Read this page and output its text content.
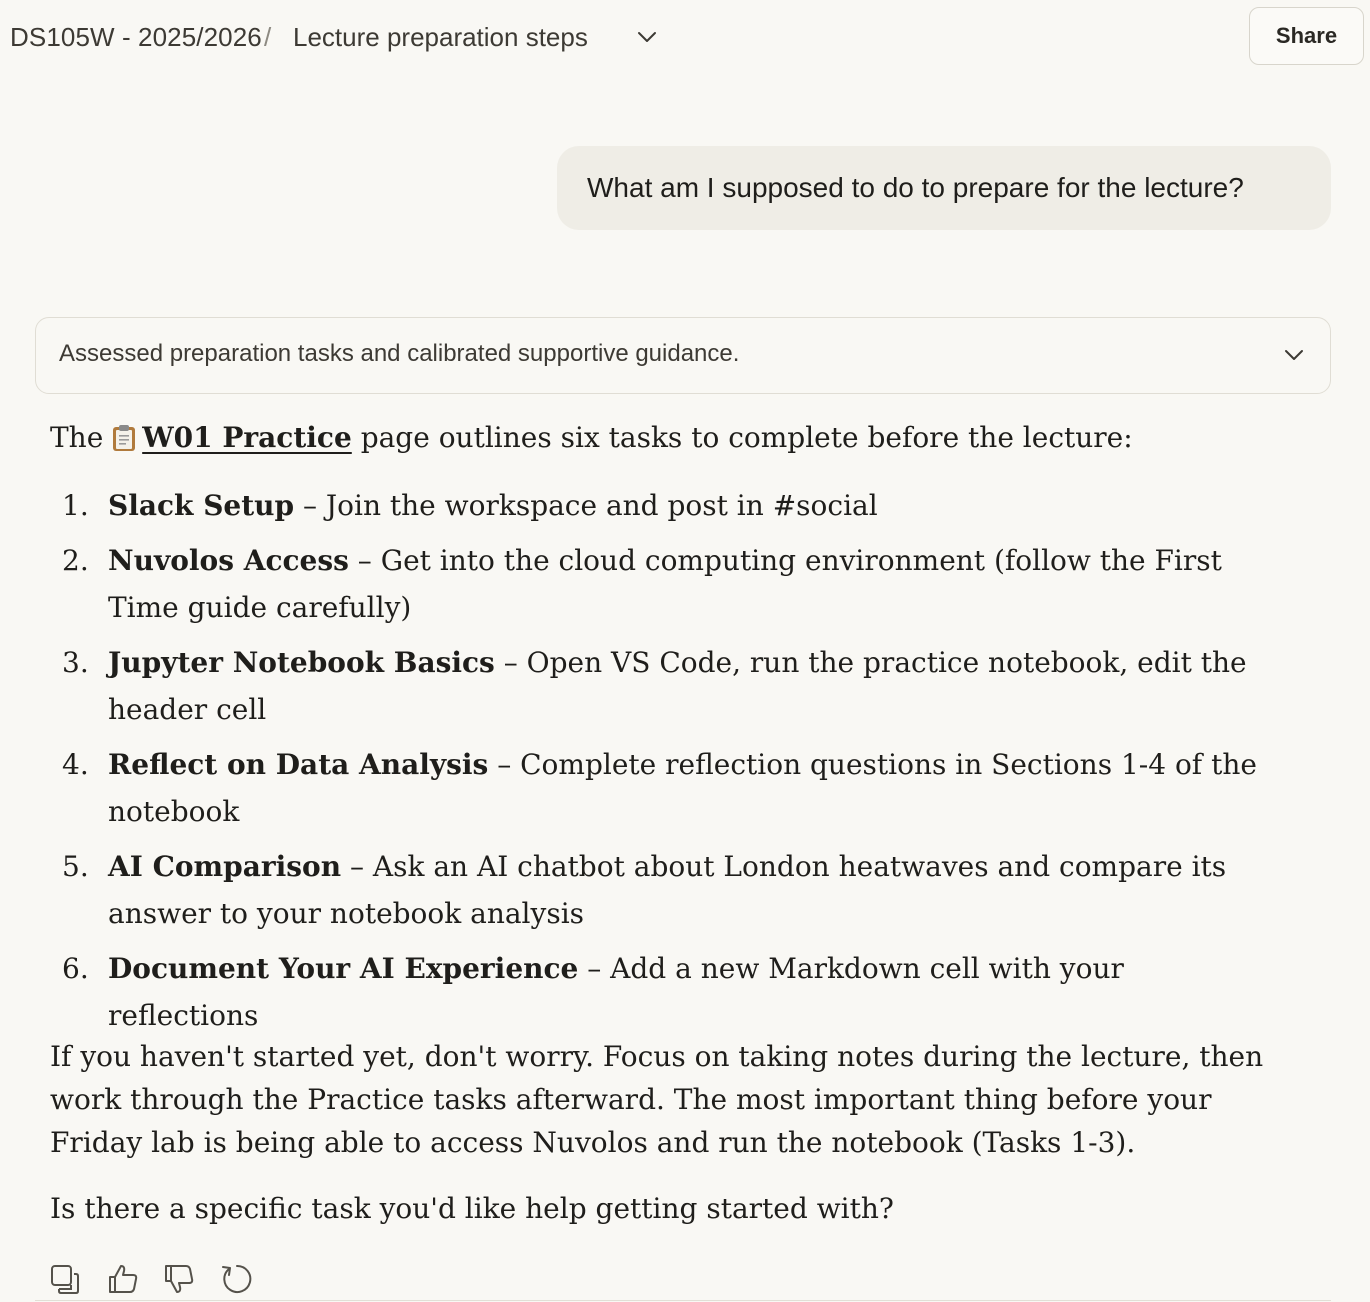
DS105W - 2025/2026 / Lecture preparation steps	Share
What am I supposed to do to prepare for the lecture?
Assessed preparation tasks and calibrated supportive guidance.
The W01 Practice page outlines six tasks to complete before the lecture:
1. Slack Setup – Join the workspace and post in #social
2. Nuvolos Access – Get into the cloud computing environment (follow the First Time guide carefully)
3. Jupyter Notebook Basics – Open VS Code, run the practice notebook, edit the header cell
4. Reflect on Data Analysis – Complete reflection questions in Sections 1-4 of the notebook
5. AI Comparison – Ask an AI chatbot about London heatwaves and compare its answer to your notebook analysis
6. Document Your AI Experience – Add a new Markdown cell with your reflections

If you haven't started yet, don't worry. Focus on taking notes during the lecture, then work through the Practice tasks afterward. The most important thing before your Friday lab is being able to access Nuvolos and run the notebook (Tasks 1-3).

Is there a specific task you'd like help getting started with?
